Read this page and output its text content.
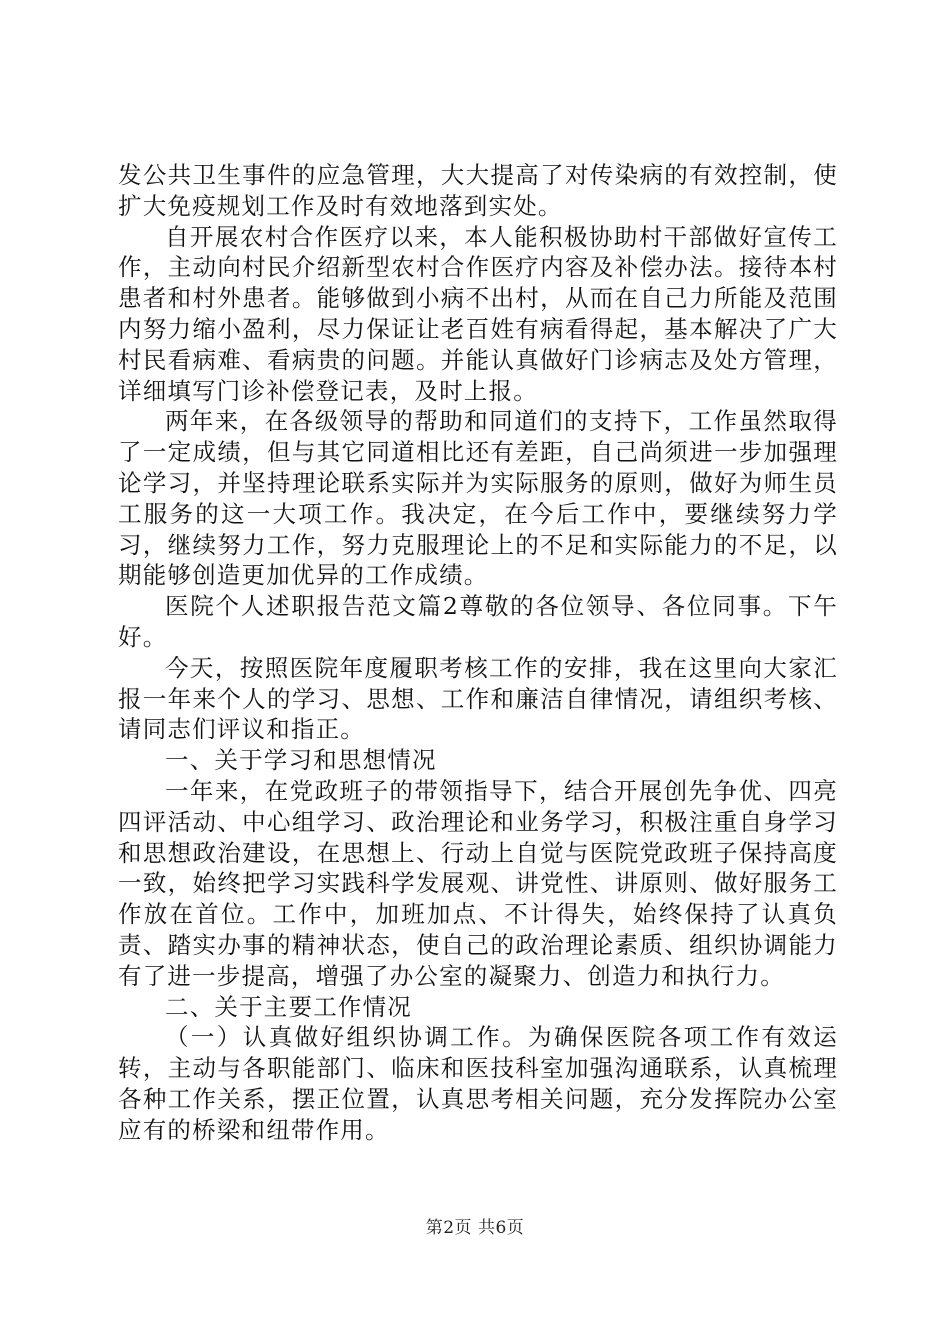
发公共卫生事件的应急管理，大大提高了对传染病的有效控制，使扩大免疫规划工作及时有效地落到实处。

自开展农村合作医疗以来，本人能积极协助村干部做好宣传工作，主动向村民介绍新型农村合作医疗内容及补偿办法。接待本村患者和村外患者。能够做到小病不出村，从而在自己力所能及范围内努力缩小盈利，尽力保证让老百姓有病看得起，基本解决了广大村民看病难、看病贵的问题。并能认真做好门诊病志及处方管理，详细填写门诊补偿登记表，及时上报。

两年来，在各级领导的帮助和同道们的支持下，工作虽然取得了一定成绩，但与其它同道相比还有差距，自己尚须进一步加强理论学习，并坚持理论联系实际并为实际服务的原则，做好为师生员工服务的这一大项工作。我决定，在今后工作中，要继续努力学习，继续努力工作，努力克服理论上的不足和实际能力的不足，以期能够创造更加优异的工作成绩。

医院个人述职报告范文篇2尊敬的各位领导、各位同事。下午好。

今天，按照医院年度履职考核工作的安排，我在这里向大家汇报一年来个人的学习、思想、工作和廉洁自律情况，请组织考核、请同志们评议和指正。

一、关于学习和思想情况

一年来，在党政班子的带领指导下，结合开展创先争优、四亮四评活动、中心组学习、政治理论和业务学习，积极注重自身学习和思想政治建设，在思想上、行动上自觉与医院党政班子保持高度一致，始终把学习实践科学发展观、讲党性、讲原则、做好服务工作放在首位。工作中，加班加点、不计得失，始终保持了认真负责、踏实办事的精神状态，使自己的政治理论素质、组织协调能力有了进一步提高，增强了办公室的凝聚力、创造力和执行力。

二、关于主要工作情况

（一）认真做好组织协调工作。为确保医院各项工作有效运转，主动与各职能部门、临床和医技科室加强沟通联系，认真梳理各种工作关系，摆正位置，认真思考相关问题，充分发挥院办公室应有的桥梁和纽带作用。

第2页 共6页
